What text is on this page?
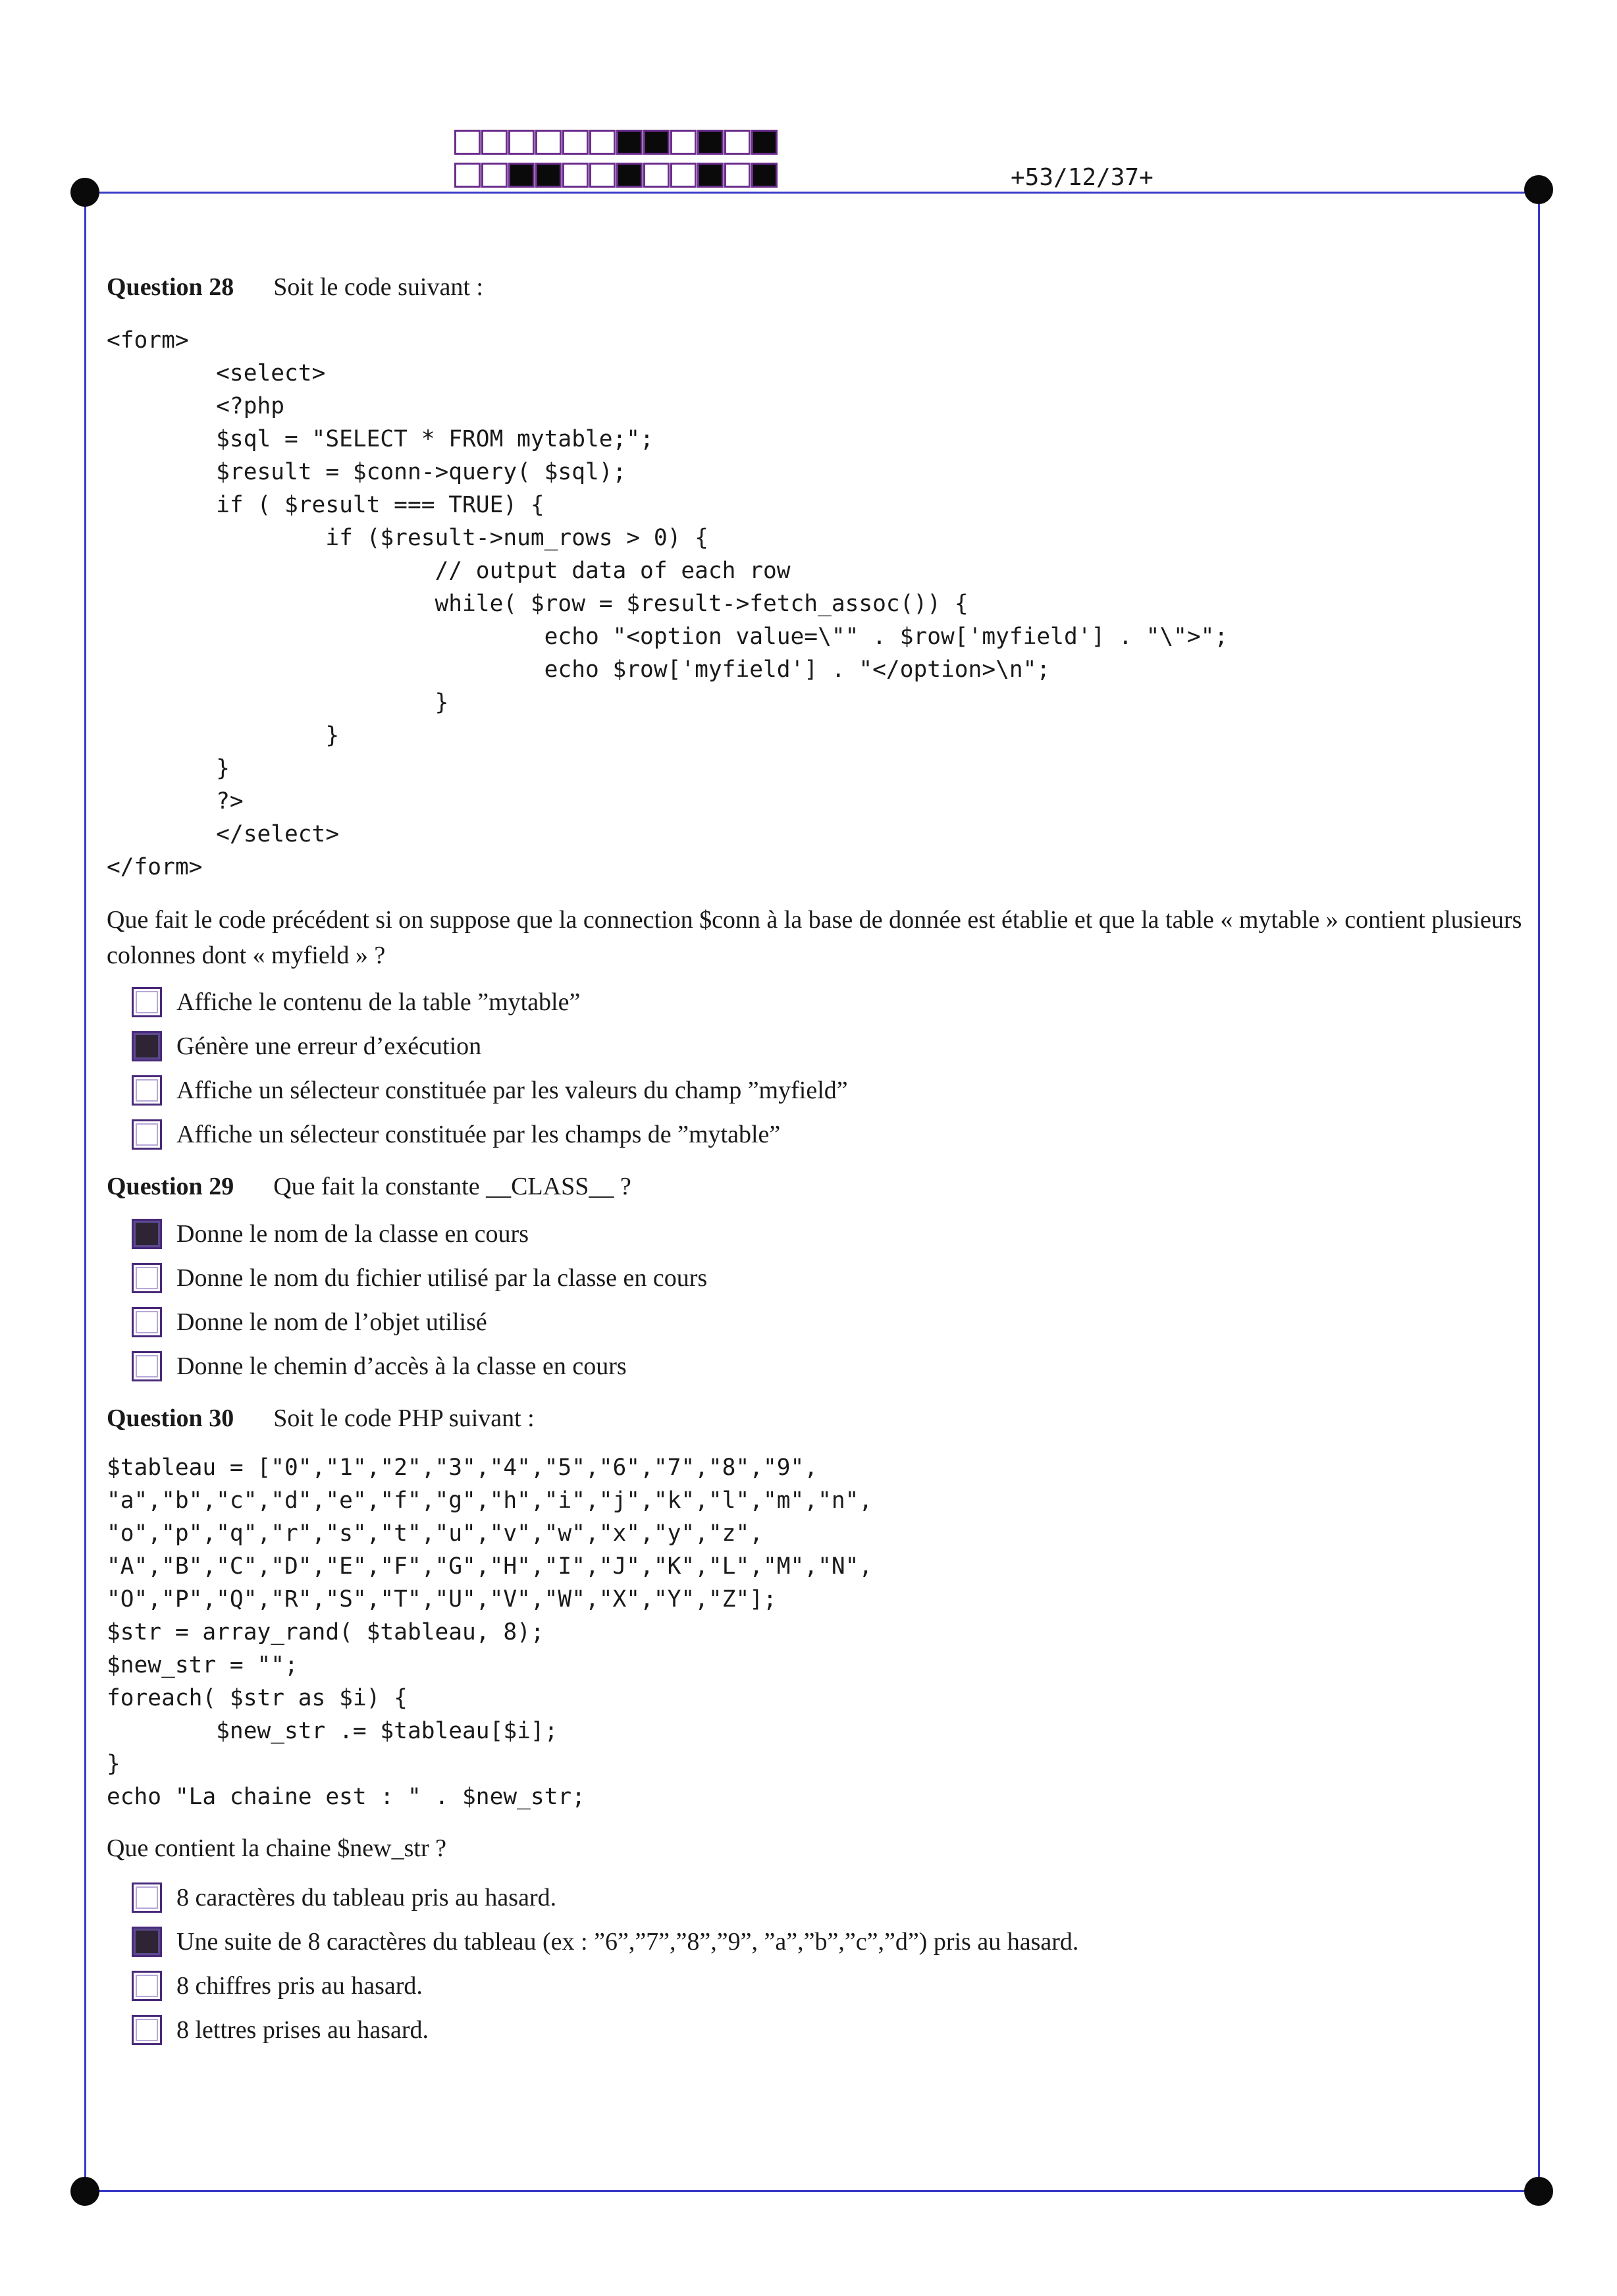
+53/12/37+

Question 28 Soit le code suivant :

<form>
<select>
<?php
$sql = "SELECT * FROM mytable;";
$result = $conn->query( $sql);
if ( $result === TRUE) {
if ($result->num_rows > 0) {
// output data of each row
while( $row = $result->fetch_assoc()) {
echo "<option value=\"" . $row['myfield'] . "\">";
echo $row['myfield'] . "</option>\n";
}
}
}
?>
</select>
</form>

Que fait le code précédent si on suppose que la connection $conn à la base de donnée est établie et que la table « mytable » contient plusieurs colonnes dont « myfield » ?

Affiche le contenu de la table ”mytable”
Génère une erreur d’exécution
Affiche un sélecteur constituée par les valeurs du champ ”myfield”
Affiche un sélecteur constituée par les champs de ”mytable”

Question 29 Que fait la constante __CLASS__ ?

Donne le nom de la classe en cours
Donne le nom du fichier utilisé par la classe en cours
Donne le nom de l’objet utilisé
Donne le chemin d’accès à la classe en cours

Question 30 Soit le code PHP suivant :

$tableau = ["0","1","2","3","4","5","6","7","8","9",
"a","b","c","d","e","f","g","h","i","j","k","l","m","n",
"o","p","q","r","s","t","u","v","w","x","y","z",
"A","B","C","D","E","F","G","H","I","J","K","L","M","N",
"O","P","Q","R","S","T","U","V","W","X","Y","Z"];
$str = array_rand( $tableau, 8);
$new_str = "";
foreach( $str as $i) {
$new_str .= $tableau[$i];
}
echo "La chaine est : " . $new_str;

Que contient la chaine $new_str ?

8 caractères du tableau pris au hasard.
Une suite de 8 caractères du tableau (ex : ”6”,”7”,”8”,”9”, ”a”,”b”,”c”,”d”) pris au hasard.
8 chiffres pris au hasard.
8 lettres prises au hasard.
